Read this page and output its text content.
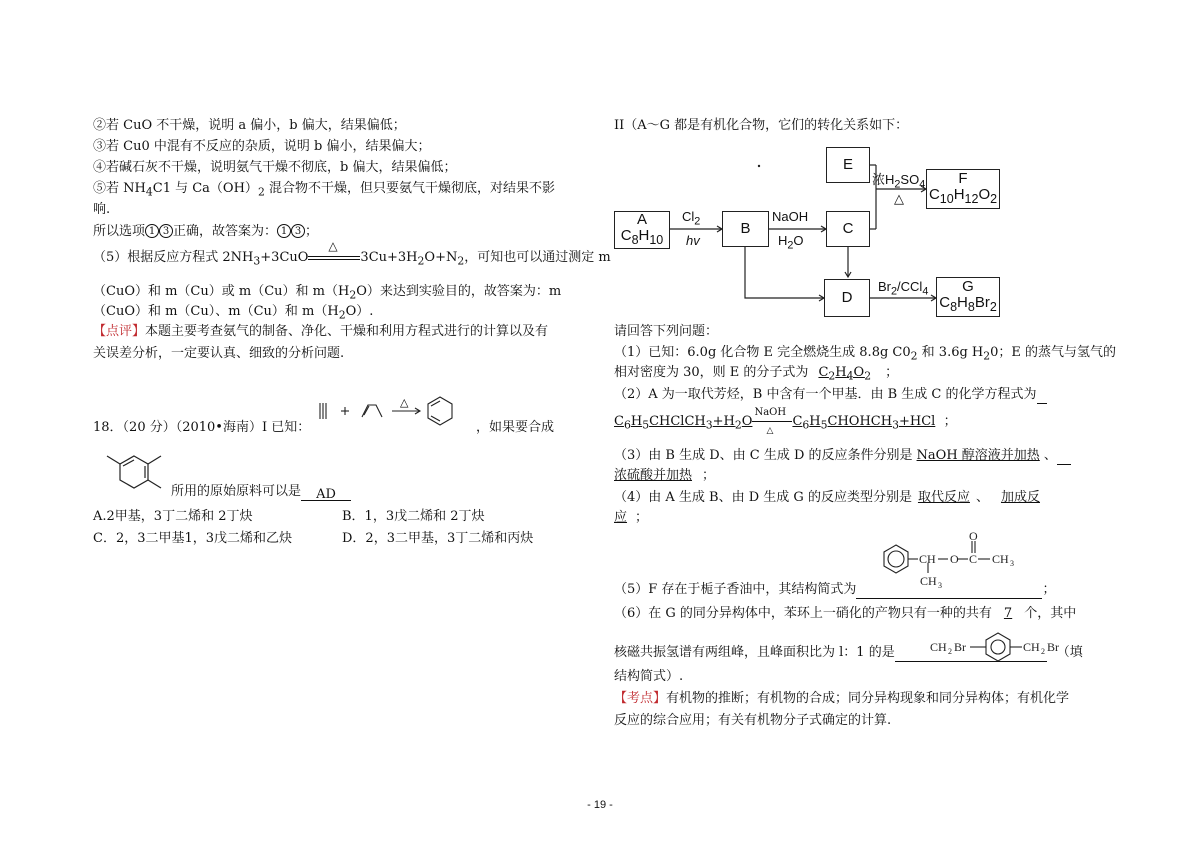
②若 CuO 不干燥，说明 a 偏小，b 偏大，结果偏低；
③若 Cu0 中混有不反应的杂质，说明 b 偏小，结果偏大；
④若碱石灰不干燥，说明氨气干燥不彻底，b 偏大，结果偏低；
⑤若 $NH_4C1$ 与 $Ca(OH)_2$ 混合物不干燥，但只要氨气干燥彻底，对结果不影
响.
所以选项 1 3 正确，故答案为： 1 3 ；
（5）根据反应方程式 $2NH_3+3CuO$
△
$3Cu+3H_2O+N_2$，可知也可以通过测定 m
（CuO）和 m（Cu）或 m（Cu）和 $m(H_2O)$来达到实验目的，故答案为：m
（CuO）和 m（Cu）、m（Cu）和 $m(H_2O)$.
【点评】本题主要考查氨气的制备、净化、干燥和利用方程式进行的计算以及有
关误差分析，一定要认真、细致的分析问题.
18．（20 分）（2010•海南）I 已知：
△
，如果要合成
所用的原始原料可以是 AD
A.2甲基，3丁二烯和 2丁炔	B．1，3戊二烯和 2丁炔
C．2，3二甲基1，3戊二烯和乙炔	D．2，3二甲基，3丁二烯和丙炔
II（A～G 都是有机化合物，它们的转化关系如下：
A
$C_8H_{10}$
B	C
E
D
F
$C_{10}H_{12}O_2$
G
$C_8H_8Br_2$
$Cl_2$
hv
NaOH
$H_2O$
浓$H_2SO_4$
△
$Br_2/CCl_4$
请回答下列问题：
（1）已知：6.0g 化合物 E 完全燃烧生成 8.8g $C0_2$ 和 3.6g $H_20$；E 的蒸气与氢气的
相对密度为 30，则 E 的分子式为 $C_2H_4O_2$ ；
（2）A 为一取代芳烃，B 中含有一个甲基．由 B 生成 C 的化学方程式为
$C_6H_5CHClCH_3+H_2O$
NaOH
△
$C_6H_5CHOHCH_3+HCl$  ；
（3）由 B 生成 D、由 C 生成 D 的反应条件分别是 NaOH 醇溶液并加热 、
浓硫酸并加热 ；
（4）由 A 生成 B、由 D 生成 G 的反应类型分别是 取代反应 、 加成反
应 ；
CH O C
O
CH 3
CH 3
（5）F 存在于栀子香油中，其结构简式为	；
（6）在 G 的同分异构体中，苯环上一硝化的产物只有一种的共有 7 个，其中
CH 2 Br	CH 2 Br
核磁共振氢谱有两组峰，且峰面积比为 l：1 的是	（填
结构简式）.
【考点】有机物的推断；有机物的合成；同分异构现象和同分异构体；有机化学
反应的综合应用；有关有机物分子式确定的计算.
- 19 -
